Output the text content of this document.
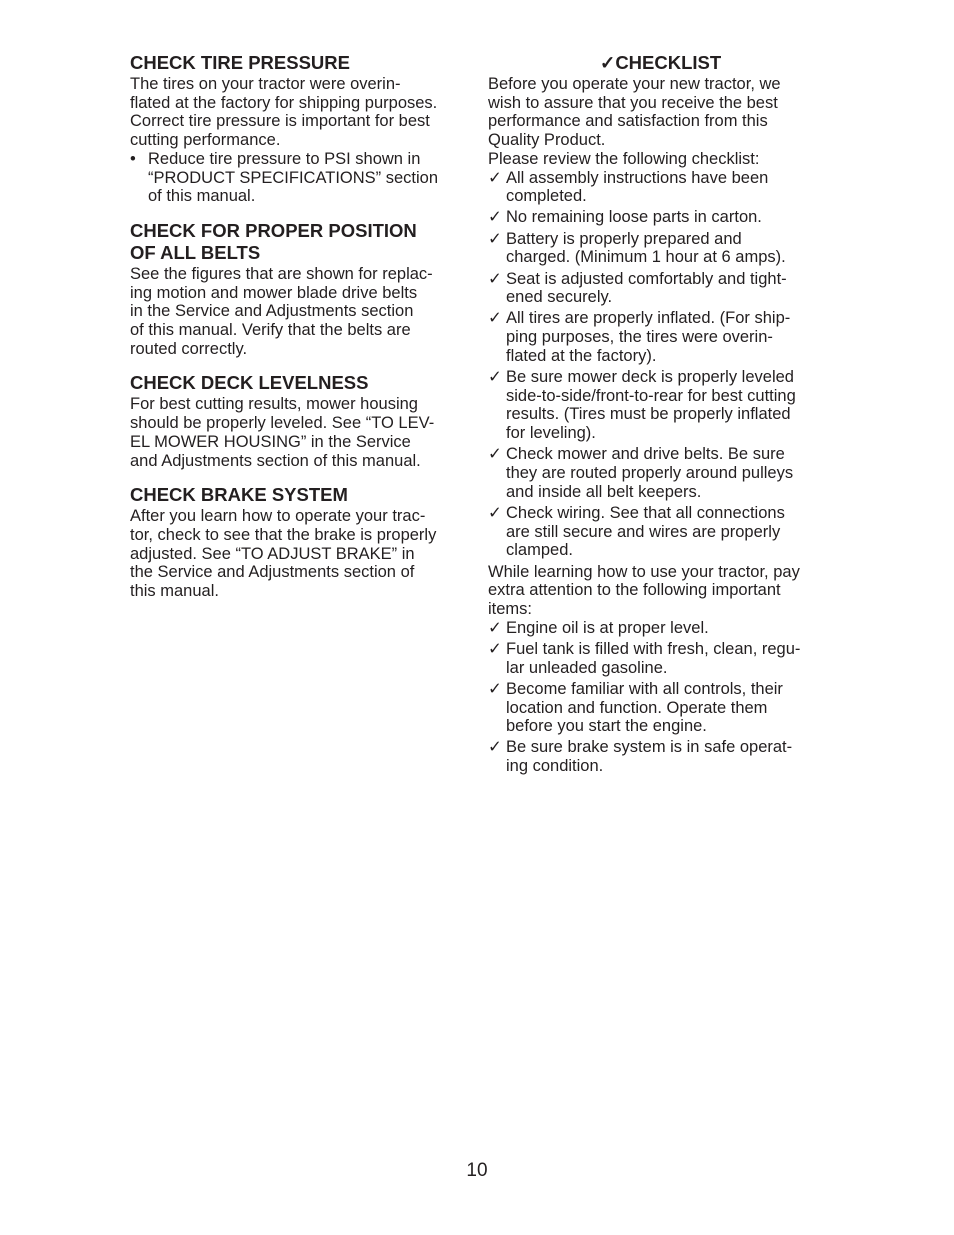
CHECK TIRE PRESSURE

The tires on your tractor were overin-
flated at the factory for shipping purposes.
Correct tire pressure is important for best
cutting performance.

• Reduce tire pressure to PSI shown in
“PRODUCT SPECIFICATIONS” section
of this manual.
CHECK FOR PROPER POSITION
OF ALL BELTS

See the figures that are shown for replac-
ing motion and mower blade drive belts
in the Service and Adjustments section
of this manual. Verify that the belts are
routed correctly.

CHECK DECK LEVELNESS

For best cutting results, mower housing
should be properly leveled. See “TO LEV-
EL MOWER HOUSING” in the Service
and Adjustments section of this manual.

CHECK BRAKE SYSTEM

After you learn how to operate your trac-
tor, check to see that the brake is properly
adjusted. See “TO ADJUST BRAKE” in
the Service and Adjustments section of
this manual.

✓CHECKLIST

Before you operate your new tractor, we
wish to assure that you receive the best
performance and satisfaction from this
Quality Product.
Please review the following checklist:

✓ All assembly instructions have been
completed.
✓ No remaining loose parts in carton.
✓ Battery is properly prepared and
charged. (Minimum 1 hour at 6 amps).
✓ Seat is adjusted comfortably and tight-
ened securely.
✓ All tires are properly inflated. (For ship-
ping purposes, the tires were overin-
flated at the factory).
✓ Be sure mower deck is properly leveled
side-to-side/front-to-rear for best cutting
results. (Tires must be properly inflated
for leveling).
✓ Check mower and drive belts. Be sure
they are routed properly around pulleys
and inside all belt keepers.
✓ Check wiring. See that all connections
are still secure and wires are properly
clamped.

While learning how to use your tractor, pay
extra attention to the following important
items:

✓ Engine oil is at proper level.
✓ Fuel tank is filled with fresh, clean, regu-
lar unleaded gasoline.
✓ Become familiar with all controls, their
location and function. Operate them
before you start the engine.
✓ Be sure brake system is in safe operat-
ing condition.
10
